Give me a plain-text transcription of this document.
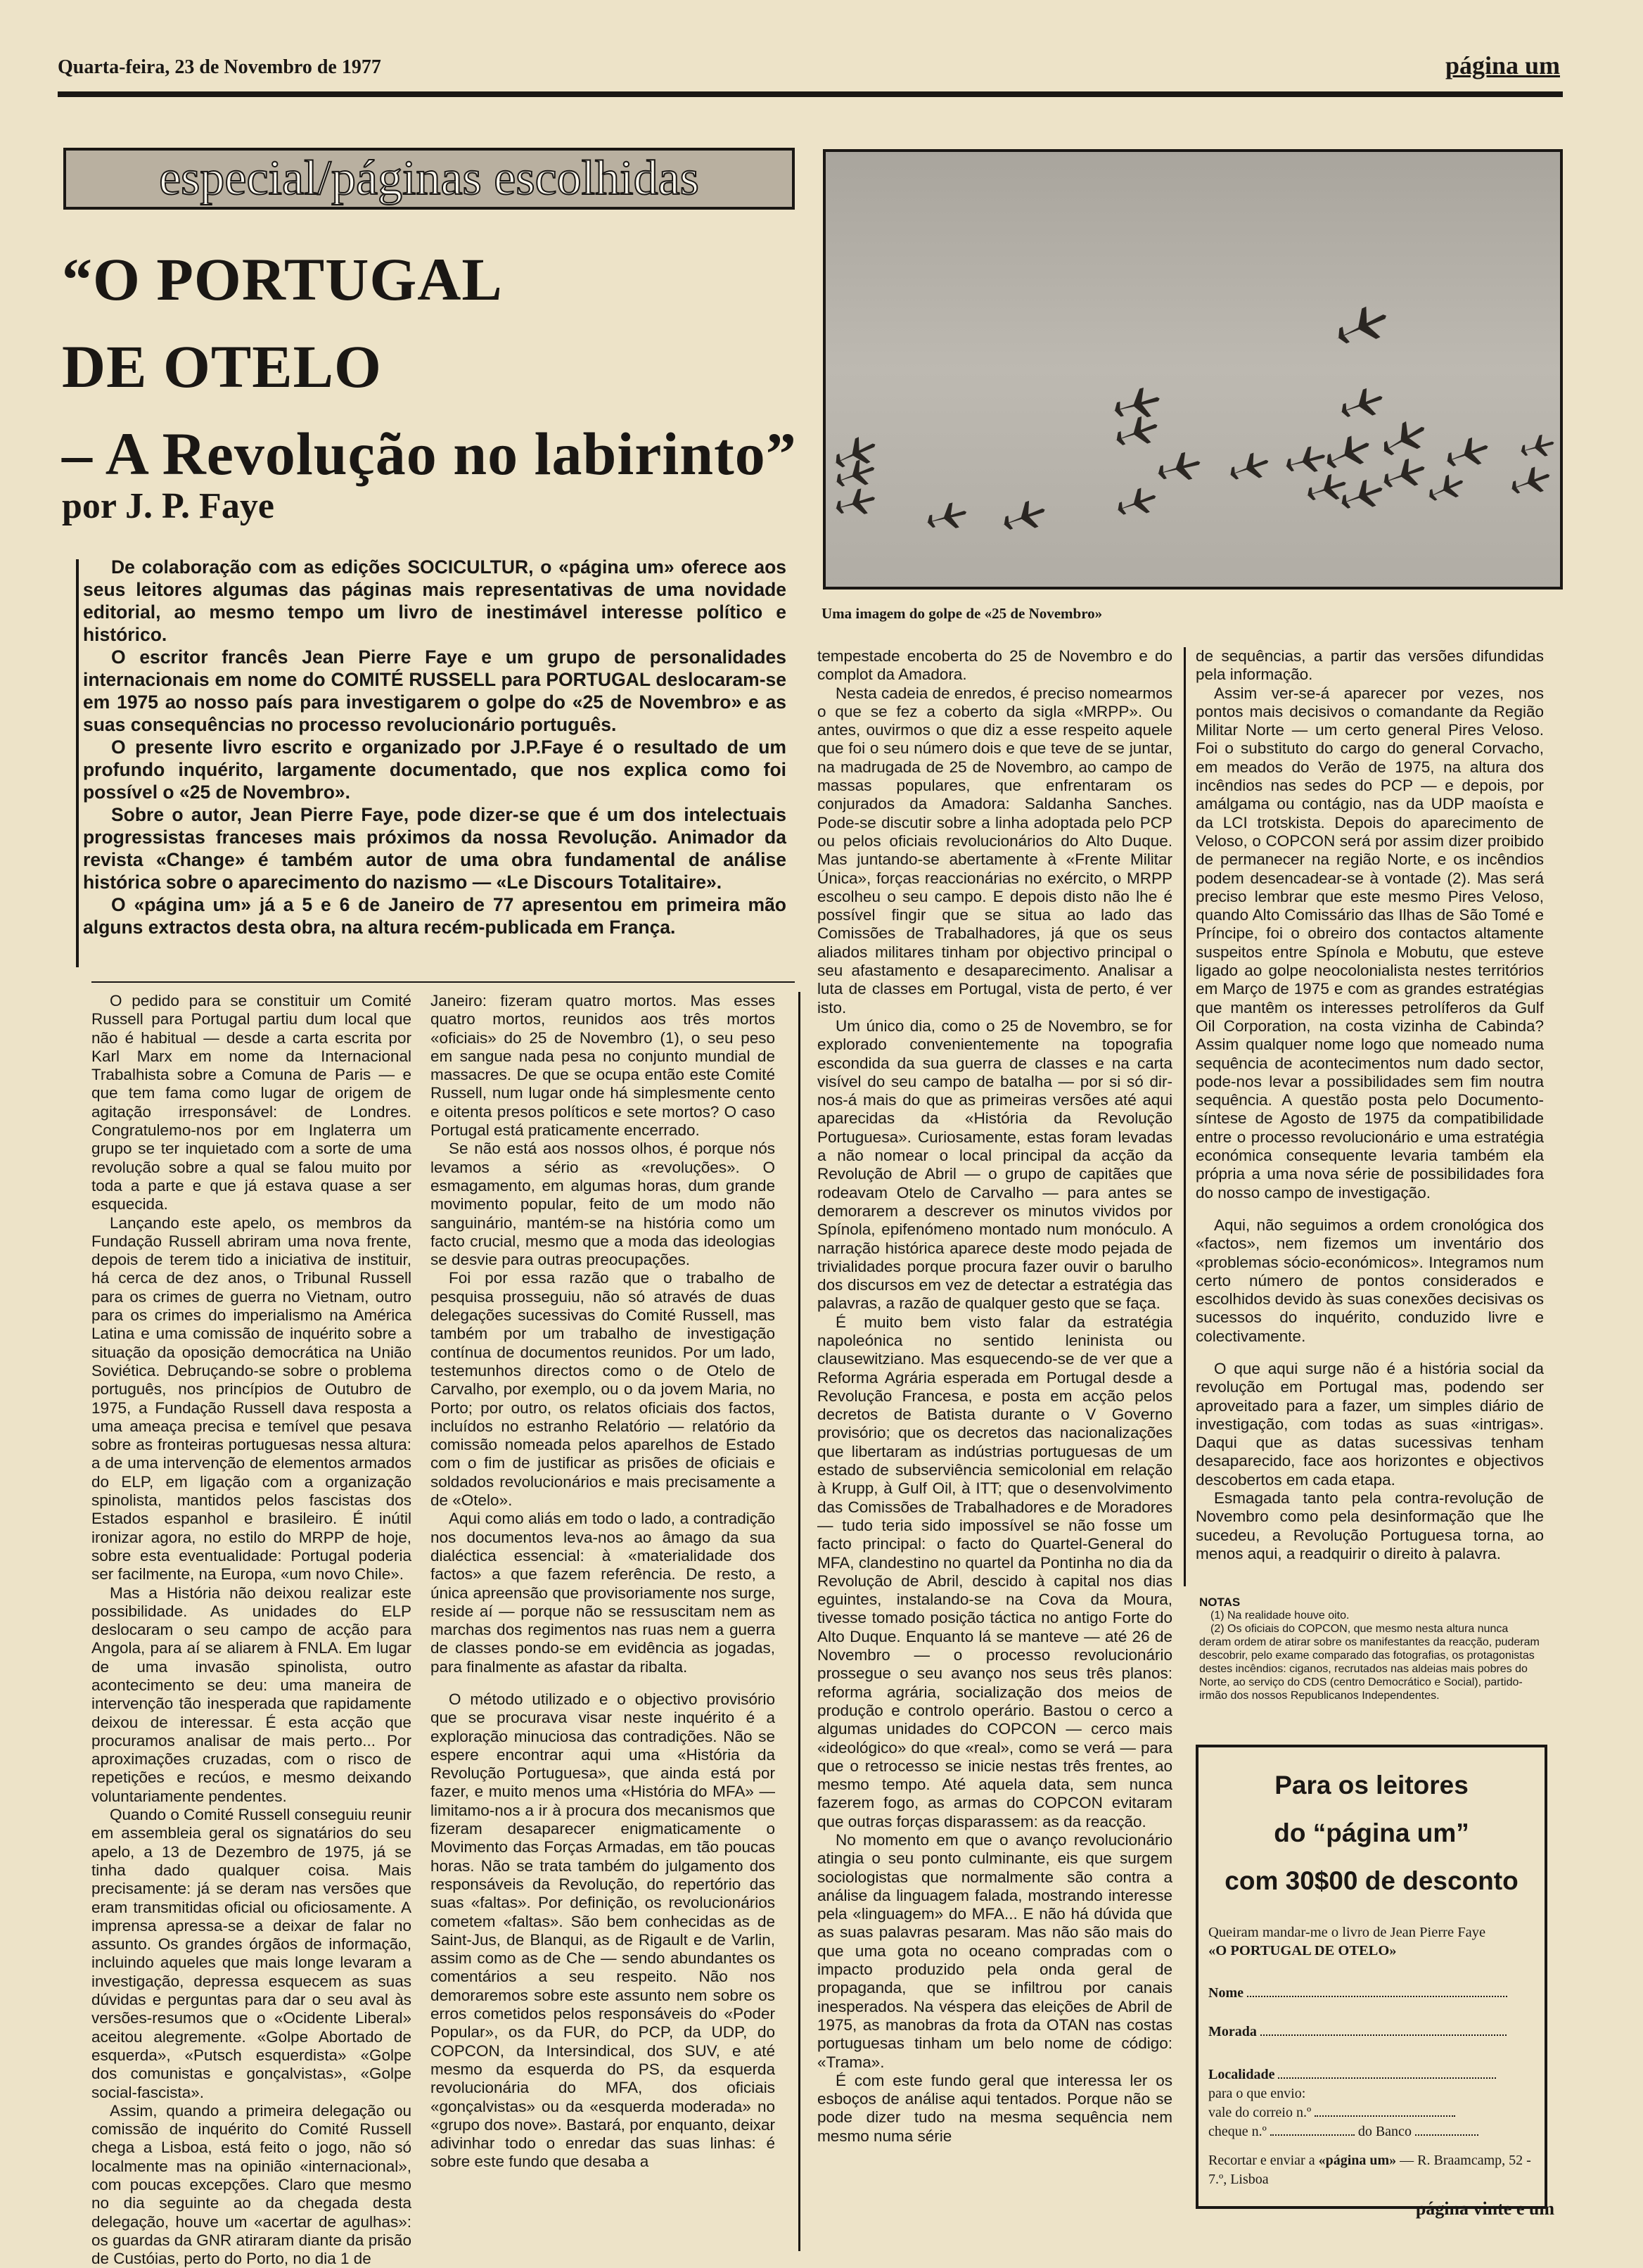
Quarta-feira, 23 de Novembro de 1977	página um
especial/páginas escolhidas
“O PORTUGAL
DE OTELO
– A Revolução no labirinto”
por J. P. Faye

De colaboração com as edições SOCICULTUR, o «página um» oferece aos seus leitores algumas das páginas mais representativas de uma novidade editorial, ao mesmo tempo um livro de inestimável interesse político e histórico.

O escritor francês Jean Pierre Faye e um grupo de personalidades internacionais em nome do COMITÉ RUSSELL para PORTUGAL deslocaram-se em 1975 ao nosso país para investigarem o golpe do «25 de Novembro» e as suas consequências no processo revolucionário português.

O presente livro escrito e organizado por J.P.Faye é o resultado de um profundo inquérito, largamente documentado, que nos explica como foi possível o «25 de Novembro».

Sobre o autor, Jean Pierre Faye, pode dizer-se que é um dos intelectuais progressistas franceses mais próximos da nossa Revolução. Animador da revista «Change» é também autor de uma obra fundamental de análise histórica sobre o aparecimento do nazismo — «Le Discours Totalitaire».

O «página um» já a 5 e 6 de Janeiro de 77 apresentou em primeira mão alguns extractos desta obra, na altura recém-publicada em França.

Uma imagem do golpe de «25 de Novembro»

O pedido para se constituir um Comité Russell para Portugal partiu dum local que não é habitual — desde a carta escrita por Karl Marx em nome da Internacional Trabalhista sobre a Comuna de Paris — e que tem fama como lugar de origem de agitação irresponsável: de Londres. Congratulemo-nos por em Inglaterra um grupo se ter inquietado com a sorte de uma revolução sobre a qual se falou muito por toda a parte e que já estava quase a ser esquecida.

Lançando este apelo, os membros da Fundação Russell abriram uma nova frente, depois de terem tido a iniciativa de instituir, há cerca de dez anos, o Tribunal Russell para os crimes de guerra no Vietnam, outro para os crimes do imperialismo na América Latina e uma comissão de inquérito sobre a situação da oposição democrática na União Soviética. Debruçando-se sobre o problema português, nos princípios de Outubro de 1975, a Fundação Russell dava resposta a uma ameaça precisa e temível que pesava sobre as fronteiras portuguesas nessa altura: a de uma intervenção de elementos armados do ELP, em ligação com a organização spinolista, mantidos pelos fascistas dos Estados espanhol e brasileiro. É inútil ironizar agora, no estilo do MRPP de hoje, sobre esta eventualidade: Portugal poderia ser facilmente, na Europa, «um novo Chile».

Mas a História não deixou realizar este possibilidade. As unidades do ELP deslocaram o seu campo de acção para Angola, para aí se aliarem à FNLA. Em lugar de uma invasão spinolista, outro acontecimento se deu: uma maneira de intervenção tão inesperada que rapidamente deixou de interessar. É esta acção que procuramos analisar de mais perto... Por aproximações cruzadas, com o risco de repetições e recúos, e mesmo deixando voluntariamente pendentes.

Quando o Comité Russell conseguiu reunir em assembleia geral os signatários do seu apelo, a 13 de Dezembro de 1975, já se tinha dado qualquer coisa. Mais precisamente: já se deram nas versões que eram transmitidas oficial ou oficiosamente. A imprensa apressa-se a deixar de falar no assunto. Os grandes órgãos de informação, incluindo aqueles que mais longe levaram a investigação, depressa esquecem as suas dúvidas e perguntas para dar o seu aval às versões-resumos que o «Ocidente Liberal» aceitou alegremente. «Golpe Abortado de esquerda», «Putsch esquerdista» «Golpe dos comunistas e gonçalvistas», «Golpe social-fascista».

Assim, quando a primeira delegação ou comissão de inquérito do Comité Russell chega a Lisboa, está feito o jogo, não só localmente mas na opinião «internacional», com poucas excepções. Claro que mesmo no dia seguinte ao da chegada desta delegação, houve um «acertar de agulhas»: os guardas da GNR atiraram diante da prisão de Custóias, perto do Porto, no dia 1 de

Janeiro: fizeram quatro mortos. Mas esses quatro mortos, reunidos aos três mortos «oficiais» do 25 de Novembro (1), o seu peso em sangue nada pesa no conjunto mundial de massacres. De que se ocupa então este Comité Russell, num lugar onde há simplesmente cento e oitenta presos políticos e sete mortos? O caso Portugal está praticamente encerrado.

Se não está aos nossos olhos, é porque nós levamos a sério as «revoluções». O esmagamento, em algumas horas, dum grande movimento popular, feito de um modo não sanguinário, mantém-se na história como um facto crucial, mesmo que a moda das ideologias se desvie para outras preocupações.

Foi por essa razão que o trabalho de pesquisa prosseguiu, não só através de duas delegações sucessivas do Comité Russell, mas também por um trabalho de investigação contínua de documentos reunidos. Por um lado, testemunhos directos como o de Otelo de Carvalho, por exemplo, ou o da jovem Maria, no Porto; por outro, os relatos oficiais dos factos, incluídos no estranho Relatório — relatório da comissão nomeada pelos aparelhos de Estado com o fim de justificar as prisões de oficiais e soldados revolucionários e mais precisamente a de «Otelo».

Aqui como aliás em todo o lado, a contradição nos documentos leva-nos ao âmago da sua dialéctica essencial: à «materialidade dos factos» a que fazem referência. De resto, a única apreensão que provisoriamente nos surge, reside aí — porque não se ressuscitam nem as marchas dos regimentos nas ruas nem a guerra de classes pondo-se em evidência as jogadas, para finalmente as afastar da ribalta.

O método utilizado e o objectivo provisório que se procurava visar neste inquérito é a exploração minuciosa das contradições. Não se espere encontrar aqui uma «História da Revolução Portuguesa», que ainda está por fazer, e muito menos uma «História do MFA» — limitamo-nos a ir à procura dos mecanismos que fizeram desaparecer enigmaticamente o Movimento das Forças Armadas, em tão poucas horas. Não se trata também do julgamento dos responsáveis da Revolução, do repertório das suas «faltas». Por definição, os revolucionários cometem «faltas». São bem conhecidas as de Saint-Jus, de Blanqui, as de Rigault e de Varlin, assim como as de Che — sendo abundantes os comentários a seu respeito. Não nos demoraremos sobre este assunto nem sobre os erros cometidos pelos responsáveis do «Poder Popular», os da FUR, do PCP, da UDP, do COPCON, da Intersindical, dos SUV, e até mesmo da esquerda do PS, da esquerda revolucionária do MFA, dos oficiais «gonçalvistas» ou da «esquerda moderada» no «grupo dos nove». Bastará, por enquanto, deixar adivinhar todo o enredar das suas linhas: é sobre este fundo que desaba a

tempestade encoberta do 25 de Novembro e do complot da Amadora.

Nesta cadeia de enredos, é preciso nomearmos o que se fez a coberto da sigla «MRPP». Ou antes, ouvirmos o que diz a esse respeito aquele que foi o seu número dois e que teve de se juntar, na madrugada de 25 de Novembro, ao campo de massas populares, que enfrentaram os conjurados da Amadora: Saldanha Sanches. Pode-se discutir sobre a linha adoptada pelo PCP ou pelos oficiais revolucionários do Alto Duque. Mas juntando-se abertamente à «Frente Militar Única», forças reaccionárias no exército, o MRPP escolheu o seu campo. E depois disto não lhe é possível fingir que se situa ao lado das Comissões de Trabalhadores, já que os seus aliados militares tinham por objectivo principal o seu afastamento e desaparecimento. Analisar a luta de classes em Portugal, vista de perto, é ver isto.

Um único dia, como o 25 de Novembro, se for explorado convenientemente na topografia escondida da sua guerra de classes e na carta visível do seu campo de batalha — por si só dir-nos-á mais do que as primeiras versões até aqui aparecidas da «História da Revolução Portuguesa». Curiosamente, estas foram levadas a não nomear o local principal da acção da Revolução de Abril — o grupo de capitães que rodeavam Otelo de Carvalho — para antes se demorarem a descrever os minutos vividos por Spínola, epifenómeno montado num monóculo. A narração histórica aparece deste modo pejada de trivialidades porque procura fazer ouvir o barulho dos discursos em vez de detectar a estratégia das palavras, a razão de qualquer gesto que se faça.

É muito bem visto falar da estratégia napoleónica no sentido leninista ou clausewitziano. Mas esquecendo-se de ver que a Reforma Agrária esperada em Portugal desde a Revolução Francesa, e posta em acção pelos decretos de Batista durante o V Governo provisório; que os decretos das nacionalizações que libertaram as indústrias portuguesas de um estado de subserviência semicolonial em relação à Krupp, à Gulf Oil, à ITT; que o desenvolvimento das Comissões de Trabalhadores e de Moradores — tudo teria sido impossível se não fosse um facto principal: o facto do Quartel-General do MFA, clandestino no quartel da Pontinha no dia da Revolução de Abril, descido à capital nos dias eguintes, instalando-se na Cova da Moura, tivesse tomado posição táctica no antigo Forte do Alto Duque. Enquanto lá se manteve — até 26 de Novembro — o processo revolucionário prossegue o seu avanço nos seus três planos: reforma agrária, socialização dos meios de produção e controlo operário. Bastou o cerco a algumas unidades do COPCON — cerco mais «ideológico» do que «real», como se verá — para que o retrocesso se inicie nestas três frentes, ao mesmo tempo. Até aquela data, sem nunca fazerem fogo, as armas do COPCON evitaram que outras forças disparassem: as da reacção.

No momento em que o avanço revolucionário atingia o seu ponto culminante, eis que surgem sociologistas que normalmente são contra a análise da linguagem falada, mostrando interesse pela «linguagem» do MFA... E não há dúvida que as suas palavras pesaram. Mas não são mais do que uma gota no oceano compradas com o impacto produzido pela onda geral de propaganda, que se infiltrou por canais inesperados. Na véspera das eleições de Abril de 1975, as manobras da frota da OTAN nas costas portuguesas tinham um belo nome de código: «Trama».

É com este fundo geral que interessa ler os esboços de análise aqui tentados. Porque não se pode dizer tudo na mesma sequência nem mesmo numa série

de sequências, a partir das versões difundidas pela informação.

Assim ver-se-á aparecer por vezes, nos pontos mais decisivos o comandante da Região Militar Norte — um certo general Pires Veloso. Foi o substituto do cargo do general Corvacho, em meados do Verão de 1975, na altura dos incêndios nas sedes do PCP — e depois, por amálgama ou contágio, nas da UDP maoísta e da LCI trotskista. Depois do aparecimento de Veloso, o COPCON será por assim dizer proibido de permanecer na região Norte, e os incêndios podem desencadear-se à vontade (2). Mas será preciso lembrar que este mesmo Pires Veloso, quando Alto Comissário das Ilhas de São Tomé e Príncipe, foi o obreiro dos contactos altamente suspeitos entre Spínola e Mobutu, que esteve ligado ao golpe neocolonialista nestes territórios em Março de 1975 e com as grandes estratégias que mantêm os interesses petrolíferos da Gulf Oil Corporation, na costa vizinha de Cabinda? Assim qualquer nome logo que nomeado numa sequência de acontecimentos num dado sector, pode-nos levar a possibilidades sem fim noutra sequência. A questão posta pelo Documento-síntese de Agosto de 1975 da compatibilidade entre o processo revolucionário e uma estratégia económica consequente levaria também ela própria a uma nova série de possibilidades fora do nosso campo de investigação.

Aqui, não seguimos a ordem cronológica dos «factos», nem fizemos um inventário dos «problemas sócio-económicos». Integramos num certo número de pontos considerados e escolhidos devido às suas conexões decisivas os sucessos do inquérito, conduzido livre e colectivamente.

O que aqui surge não é a história social da revolução em Portugal mas, podendo ser aproveitado para a fazer, um simples diário de investigação, com todas as suas «intrigas». Daqui que as datas sucessivas tenham desaparecido, face aos horizontes e objectivos descobertos em cada etapa.

Esmagada tanto pela contra-revolução de Novembro como pela desinformação que lhe sucedeu, a Revolução Portuguesa torna, ao menos aqui, a readquirir o direito à palavra.

NOTAS
(1) Na realidade houve oito.
(2) Os oficiais do COPCON, que mesmo nesta altura nunca deram ordem de atirar sobre os manifestantes da reacção, puderam descobrir, pelo exame comparado das fotografias, os protagonistas destes incêndios: ciganos, recrutados nas aldeias mais pobres do Norte, ao serviço do CDS (centro Democrático e Social), partido-irmão dos nossos Republicanos Independentes.
Para os leitores
do “página um”
com 30$00 de desconto
Queiram mandar-me o livro de Jean Pierre Faye
«O PORTUGAL DE OTELO»
Nome
Morada
Localidade
para o que envio:
vale do correio n.º
cheque n.º	do Banco
Recortar e enviar a «página um» — R. Braamcamp, 52 - 7.º, Lisboa
página vinte e um
